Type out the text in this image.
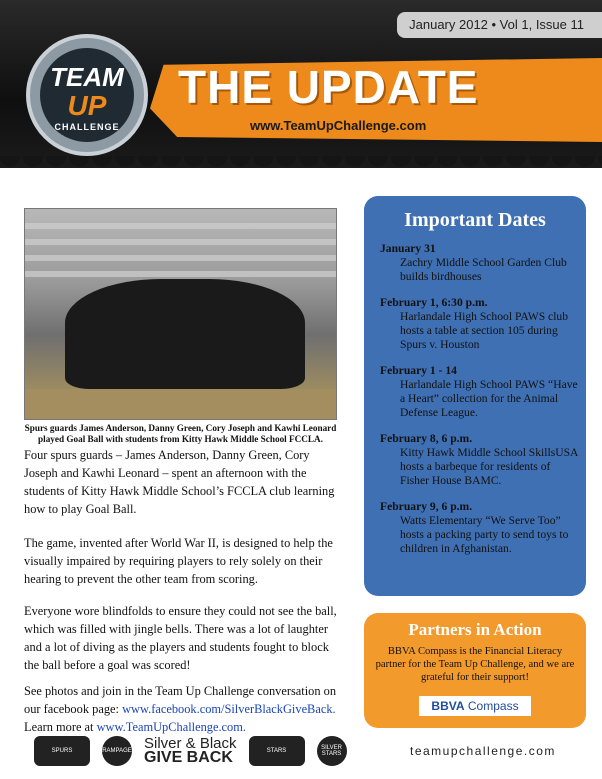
January 2012 • Vol 1, Issue 11
THE UPDATE
www.TeamUpChallenge.com
TEAM
UP
CHALLENGE
Spurs guards James Anderson, Danny Green, Cory Joseph and Kawhi Leonard played Goal Ball with students from Kitty Hawk Middle School FCCLA.

Four spurs guards – James Anderson, Danny Green, Cory Joseph and Kawhi Leonard – spent an afternoon with the students of Kitty Hawk Middle School’s FCCLA club learning how to play Goal Ball.

The game, invented after World War II, is designed to help the visually impaired by requiring players to rely solely on their hearing to prevent the other team from scoring.

Everyone wore blindfolds to ensure they could not see the ball, which was filled with jingle bells. There was a lot of laughter and a lot of diving as the players and students fought to block the ball before a goal was scored!

See photos and join in the Team Up Challenge conversation on our facebook page: www.facebook.com/SilverBlackGiveBack. Learn more at www.TeamUpChallenge.com.

Important Dates
January 31
Zachry Middle School Garden Club builds birdhouses
February 1, 6:30 p.m.
Harlandale High School PAWS club hosts a table at section 105 during Spurs v. Houston
February 1 - 14
Harlandale High School PAWS “Have a Heart” collection for the Animal Defense League.
February 8, 6 p.m.
Kitty Hawk Middle School SkillsUSA hosts a barbeque for residents of Fisher House BAMC.
February 9, 6 p.m.
Watts Elementary “We Serve Too” hosts a packing party to send toys to children in Afghanistan.
Partners in Action
BBVA Compass is the Financial Literacy partner for the Team Up Challenge, and we are grateful for their support!
BBVA Compass
SPURS	RAMPAGE Silver & Black
GIVE BACK	STARS	SILVER STARS	teamupchallenge.com
